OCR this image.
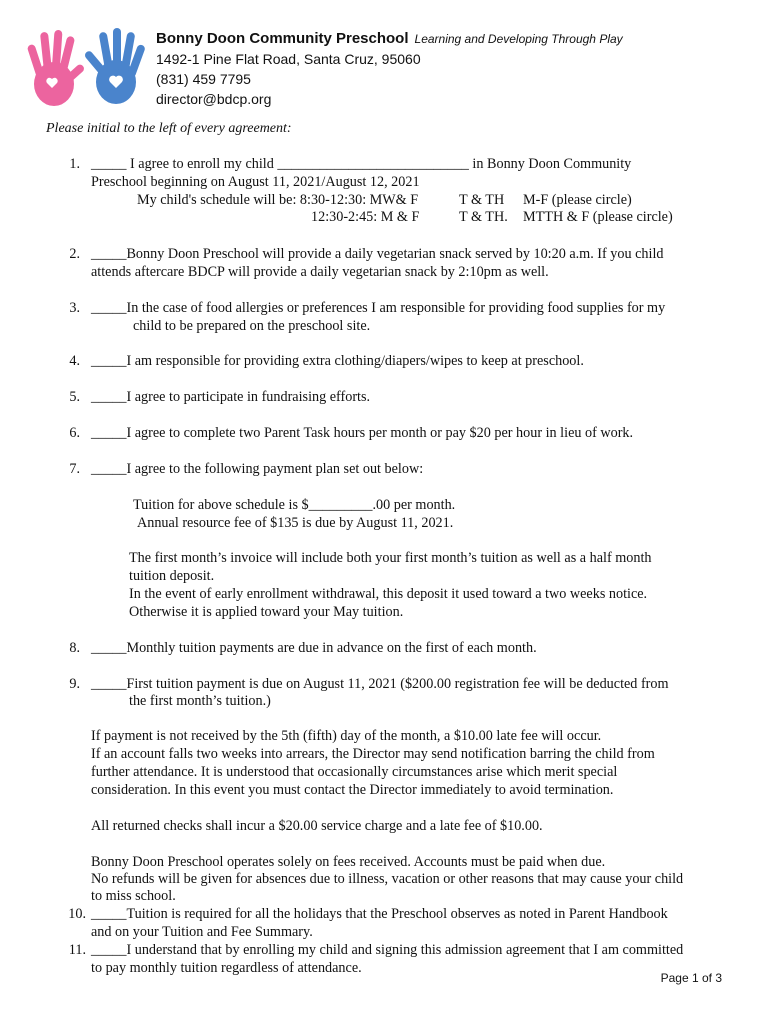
Bonny Doon Community Preschool Learning and Developing Through Play
1492-1 Pine Flat Road, Santa Cruz, 95060
(831) 459 7795
director@bdcp.org
Please initial to the left of every agreement:
1. _____ I agree to enroll my child ___________________________ in Bonny Doon Community
Preschool beginning on August 11, 2021/August 12, 2021
My child's schedule will be: 8:30-12:30: MW& F	T & TH M-F (please circle)
12:30-2:45: M & F	T & TH. MTTH & F (please circle)
2. _____Bonny Doon Preschool will provide a daily vegetarian snack served by 10:20 a.m. If you child
attends aftercare BDCP will provide a daily vegetarian snack by 2:10pm as well.
3. _____In the case of food allergies or preferences I am responsible for providing food supplies for my
child to be prepared on the preschool site.
4. _____I am responsible for providing extra clothing/diapers/wipes to keep at preschool.
5. _____I agree to participate in fundraising efforts.
6. _____I agree to complete two Parent Task hours per month or pay $20 per hour in lieu of work.
7. _____I agree to the following payment plan set out below:
Tuition for above schedule is $_________.00 per month.
Annual resource fee of $135 is due by August 11, 2021.
The first month’s invoice will include both your first month’s tuition as well as a half month
tuition deposit.
In the event of early enrollment withdrawal, this deposit it used toward a two weeks notice.
Otherwise it is applied toward your May tuition.
8. _____Monthly tuition payments are due in advance on the first of each month.
9. _____First tuition payment is due on August 11, 2021 ($200.00 registration fee will be deducted from
the first month’s tuition.)
If payment is not received by the 5th (fifth) day of the month, a $10.00 late fee will occur.
If an account falls two weeks into arrears, the Director may send notification barring the child from
further attendance. It is understood that occasionally circumstances arise which merit special
consideration. In this event you must contact the Director immediately to avoid termination.
All returned checks shall incur a $20.00 service charge and a late fee of $10.00.
Bonny Doon Preschool operates solely on fees received. Accounts must be paid when due.
No refunds will be given for absences due to illness, vacation or other reasons that may cause your child
to miss school.
10. _____Tuition is required for all the holidays that the Preschool observes as noted in Parent Handbook
and on your Tuition and Fee Summary.
11. _____I understand that by enrolling my child and signing this admission agreement that I am committed
to pay monthly tuition regardless of attendance.
Page 1 of 3
